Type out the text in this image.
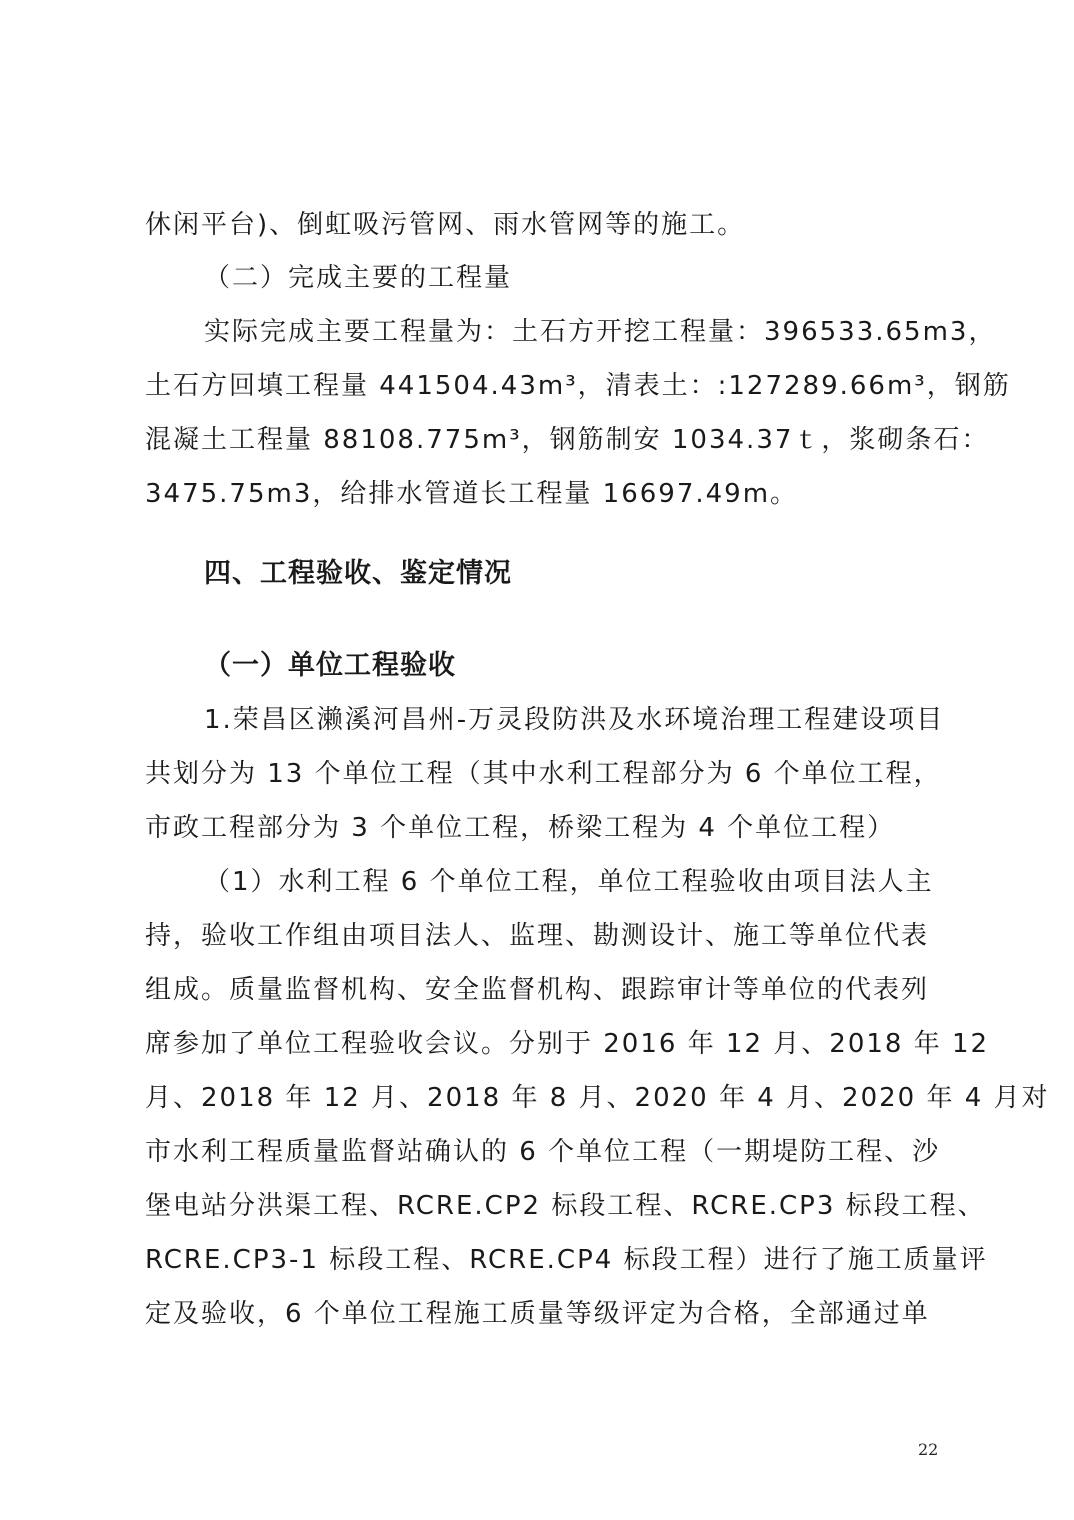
休闲平台)、倒虹吸污管网、雨水管网等的施工。
（二）完成主要的工程量
实际完成主要工程量为：土石方开挖工程量：396533.65m3，
土石方回填工程量 441504.43m³，清表土：:127289.66m³，钢筋
混凝土工程量 88108.775m³，钢筋制安 1034.37ｔ，浆砌条石：
3475.75m3，给排水管道长工程量 16697.49m。
四、工程验收、鉴定情况
（一）单位工程验收
1.荣昌区濑溪河昌州-万灵段防洪及水环境治理工程建设项目
共划分为 13 个单位工程（其中水利工程部分为 6 个单位工程，
市政工程部分为 3 个单位工程，桥梁工程为 4 个单位工程）
（1）水利工程 6 个单位工程，单位工程验收由项目法人主
持，验收工作组由项目法人、监理、勘测设计、施工等单位代表
组成。质量监督机构、安全监督机构、跟踪审计等单位的代表列
席参加了单位工程验收会议。分别于 2016 年 12 月、2018 年 12
月、2018 年 12 月、2018 年 8 月、2020 年 4 月、2020 年 4 月对
市水利工程质量监督站确认的 6 个单位工程（一期堤防工程、沙
堡电站分洪渠工程、RCRE.CP2 标段工程、RCRE.CP3 标段工程、
RCRE.CP3-1 标段工程、RCRE.CP4 标段工程）进行了施工质量评
定及验收，6 个单位工程施工质量等级评定为合格，全部通过单
22
